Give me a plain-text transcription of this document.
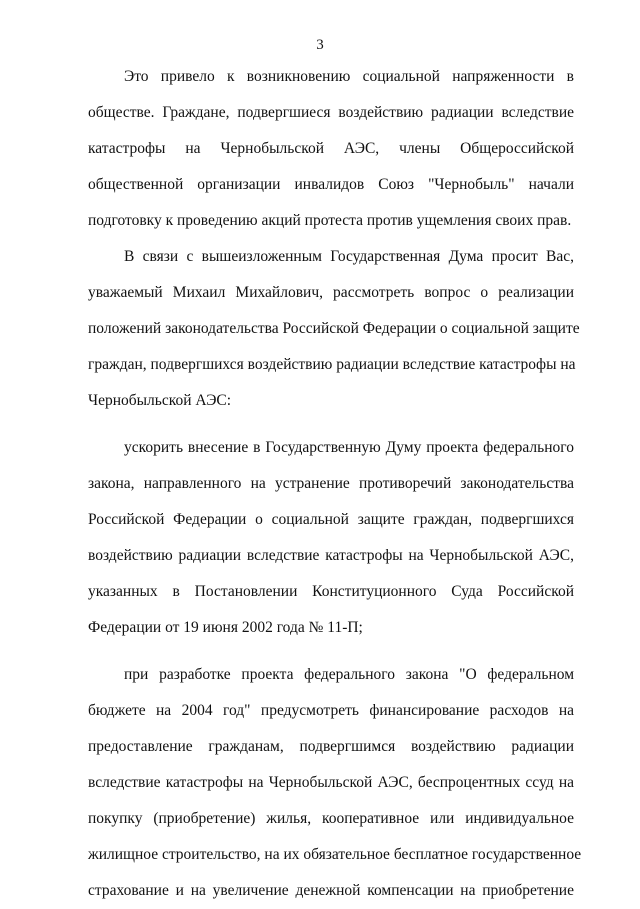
3
Это привело к возникновению социальной напряженности в
обществе. Граждане, подвергшиеся воздействию радиации вследствие
катастрофы на Чернобыльской АЭС, члены Общероссийской
общественной организации инвалидов Союз "Чернобыль" начали
подготовку к проведению акций протеста против ущемления своих прав.
В связи с вышеизложенным Государственная Дума просит Вас,
уважаемый Михаил Михайлович, рассмотреть вопрос о реализации
положений законодательства Российской Федерации о социальной защите
граждан, подвергшихся воздействию радиации вследствие катастрофы на
Чернобыльской АЭС:
ускорить внесение в Государственную Думу проекта федерального
закона, направленного на устранение противоречий законодательства
Российской Федерации о социальной защите граждан, подвергшихся
воздействию радиации вследствие катастрофы на Чернобыльской АЭС,
указанных в Постановлении Конституционного Суда Российской
Федерации от 19 июня 2002 года № 11-П;
при разработке проекта федерального закона "О федеральном
бюджете на 2004 год" предусмотреть финансирование расходов на
предоставление гражданам, подвергшимся воздействию радиации
вследствие катастрофы на Чернобыльской АЭС, беспроцентных ссуд на
покупку (приобретение) жилья, кооперативное или индивидуальное
жилищное строительство, на их обязательное бесплатное государственное
страхование и на увеличение денежной компенсации на приобретение
